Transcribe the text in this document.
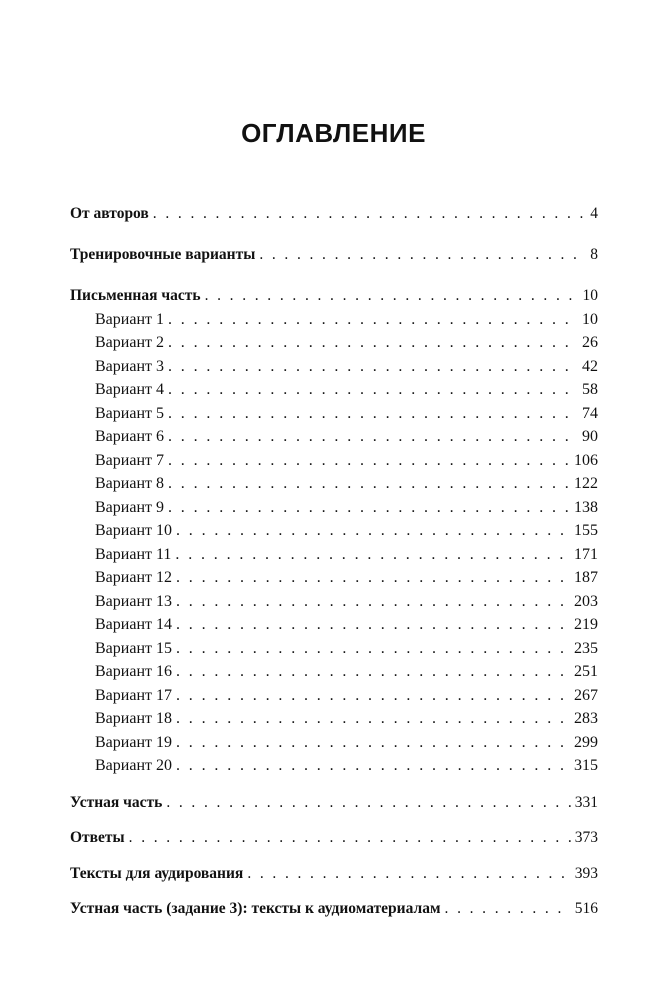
ОГЛАВЛЕНИЕ
От авторов . . .	4
Тренировочные варианты . . .	8
Письменная часть . . .	10
Вариант 1 . . .	10
Вариант 2 . . .	26
Вариант 3 . . .	42
Вариант 4 . . .	58
Вариант 5 . . .	74
Вариант 6 . . .	90
Вариант 7 . . .	106
Вариант 8 . . .	122
Вариант 9 . . .	138
Вариант 10 . . .	155
Вариант 11 . . .	171
Вариант 12 . . .	187
Вариант 13 . . .	203
Вариант 14 . . .	219
Вариант 15 . . .	235
Вариант 16 . . .	251
Вариант 17 . . .	267
Вариант 18 . . .	283
Вариант 19 . . .	299
Вариант 20 . . .	315
Устная часть . . .	331
Ответы . . .	373
Тексты для аудирования . . .	393
Устная часть (задание 3): тексты к аудиоматериалам . . .	516
